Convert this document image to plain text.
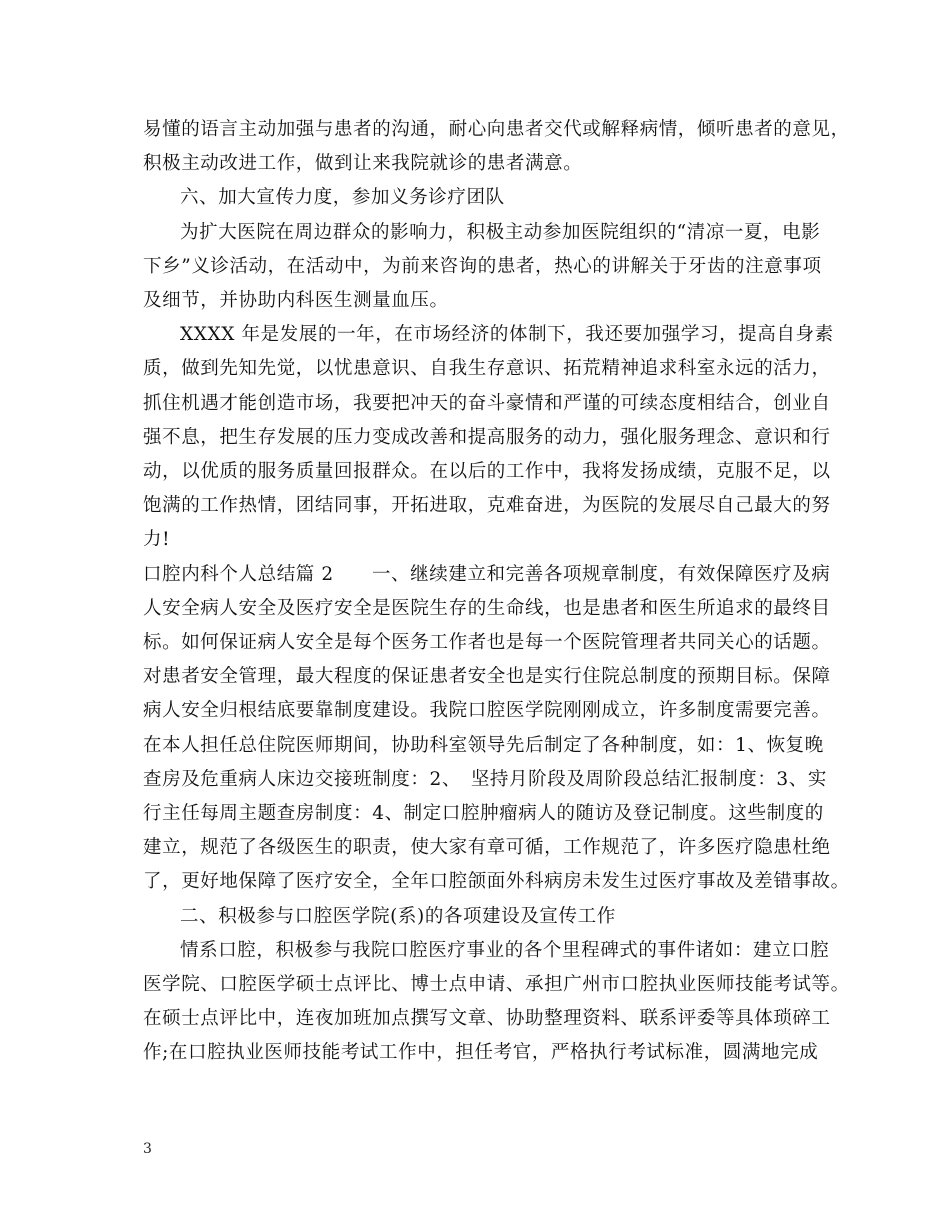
易懂的语言主动加强与患者的沟通，耐心向患者交代或解释病情，倾听患者的意见，
积极主动改进工作，做到让来我院就诊的患者满意。
六、加大宣传力度，参加义务诊疗团队
为扩大医院在周边群众的影响力，积极主动参加医院组织的“清凉一夏，电影
下乡”义诊活动，在活动中，为前来咨询的患者，热心的讲解关于牙齿的注意事项
及细节，并协助内科医生测量血压。
XXXX 年是发展的一年，在市场经济的体制下，我还要加强学习，提高自身素
质，做到先知先觉，以忧患意识、自我生存意识、拓荒精神追求科室永远的活力，
抓住机遇才能创造市场，我要把冲天的奋斗豪情和严谨的可续态度相结合，创业自
强不息，把生存发展的压力变成改善和提高服务的动力，强化服务理念、意识和行
动，以优质的服务质量回报群众。在以后的工作中，我将发扬成绩，克服不足，以
饱满的工作热情，团结同事，开拓进取，克难奋进，为医院的发展尽自己最大的努
力!
口腔内科个人总结篇 2　　一、继续建立和完善各项规章制度，有效保障医疗及病
人安全病人安全及医疗安全是医院生存的生命线，也是患者和医生所追求的最终目
标。如何保证病人安全是每个医务工作者也是每一个医院管理者共同关心的话题。
对患者安全管理，最大程度的保证患者安全也是实行住院总制度的预期目标。保障
病人安全归根结底要靠制度建设。我院口腔医学院刚刚成立，许多制度需要完善。
在本人担任总住院医师期间，协助科室领导先后制定了各种制度，如：1、恢复晚
查房及危重病人床边交接班制度：2、　坚持月阶段及周阶段总结汇报制度：3、实
行主任每周主题查房制度：4、制定口腔肿瘤病人的随访及登记制度。这些制度的
建立，规范了各级医生的职责，使大家有章可循，工作规范了，许多医疗隐患杜绝
了，更好地保障了医疗安全，全年口腔颌面外科病房未发生过医疗事故及差错事故。
二、积极参与口腔医学院(系)的各项建设及宣传工作
情系口腔，积极参与我院口腔医疗事业的各个里程碑式的事件诸如：建立口腔
医学院、口腔医学硕士点评比、博士点申请、承担广州市口腔执业医师技能考试等。
在硕士点评比中，连夜加班加点撰写文章、协助整理资料、联系评委等具体琐碎工
作;在口腔执业医师技能考试工作中，担任考官，严格执行考试标准，圆满地完成
3
